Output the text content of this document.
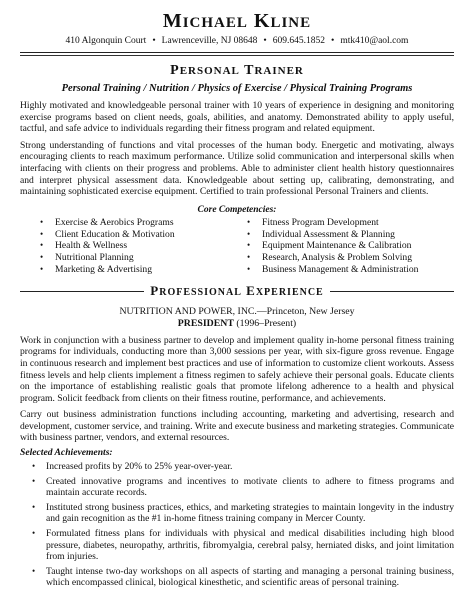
MICHAEL KLINE
410 Algonquin Court • Lawrenceville, NJ 08648 • 609.645.1852 • mtk410@aol.com
PERSONAL TRAINER
Personal Training / Nutrition / Physics of Exercise / Physical Training Programs

Highly motivated and knowledgeable personal trainer with 10 years of experience in designing and monitoring exercise programs based on client needs, goals, abilities, and anatomy. Demonstrated ability to apply useful, tactful, and safe advice to individuals regarding their fitness program and related equipment.

Strong understanding of functions and vital processes of the human body. Energetic and motivating, always encouraging clients to reach maximum performance. Utilize solid communication and interpersonal skills when interfacing with clients on their progress and problems. Able to administer client health history questionnaires and interpret physical assessment data. Knowledgeable about setting up, calibrating, demonstrating, and maintaining sophisticated exercise equipment. Certified to train professional Personal Trainers and clients.

Core Competencies:
• Exercise & Aerobics Programs
• Client Education & Motivation
• Health & Wellness
• Nutritional Planning
• Marketing & Advertising
• Fitness Program Development
• Individual Assessment & Planning
• Equipment Maintenance & Calibration
• Research, Analysis & Problem Solving
• Business Management & Administration
PROFESSIONAL EXPERIENCE
NUTRITION AND POWER, INC.—Princeton, New Jersey
PRESIDENT (1996–Present)

Work in conjunction with a business partner to develop and implement quality in-home personal fitness training programs for individuals, conducting more than 3,000 sessions per year, with six-figure gross revenue. Engage in continuous research and implement best practices and use of information to customize client workouts. Assess fitness levels and help clients implement a fitness regimen to safely achieve their personal goals. Educate clients on the importance of establishing realistic goals that promote lifelong adherence to a health and physical program. Solicit feedback from clients on their fitness routine, performance, and achievements.

Carry out business administration functions including accounting, marketing and advertising, research and development, customer service, and training. Write and execute business and marketing strategies. Communicate with business partner, vendors, and external resources.

Selected Achievements:
• Increased profits by 20% to 25% year-over-year.
• Created innovative programs and incentives to motivate clients to adhere to fitness programs and maintain accurate records.
• Instituted strong business practices, ethics, and marketing strategies to maintain longevity in the industry and gain recognition as the #1 in-home fitness training company in Mercer County.
• Formulated fitness plans for individuals with physical and medical disabilities including high blood pressure, diabetes, neuropathy, arthritis, fibromyalgia, cerebral palsy, herniated disks, and joint limitation from injuries.
• Taught intense two-day workshops on all aspects of starting and managing a personal training business, which encompassed clinical, biological kinesthetic, and scientific areas of personal training.
